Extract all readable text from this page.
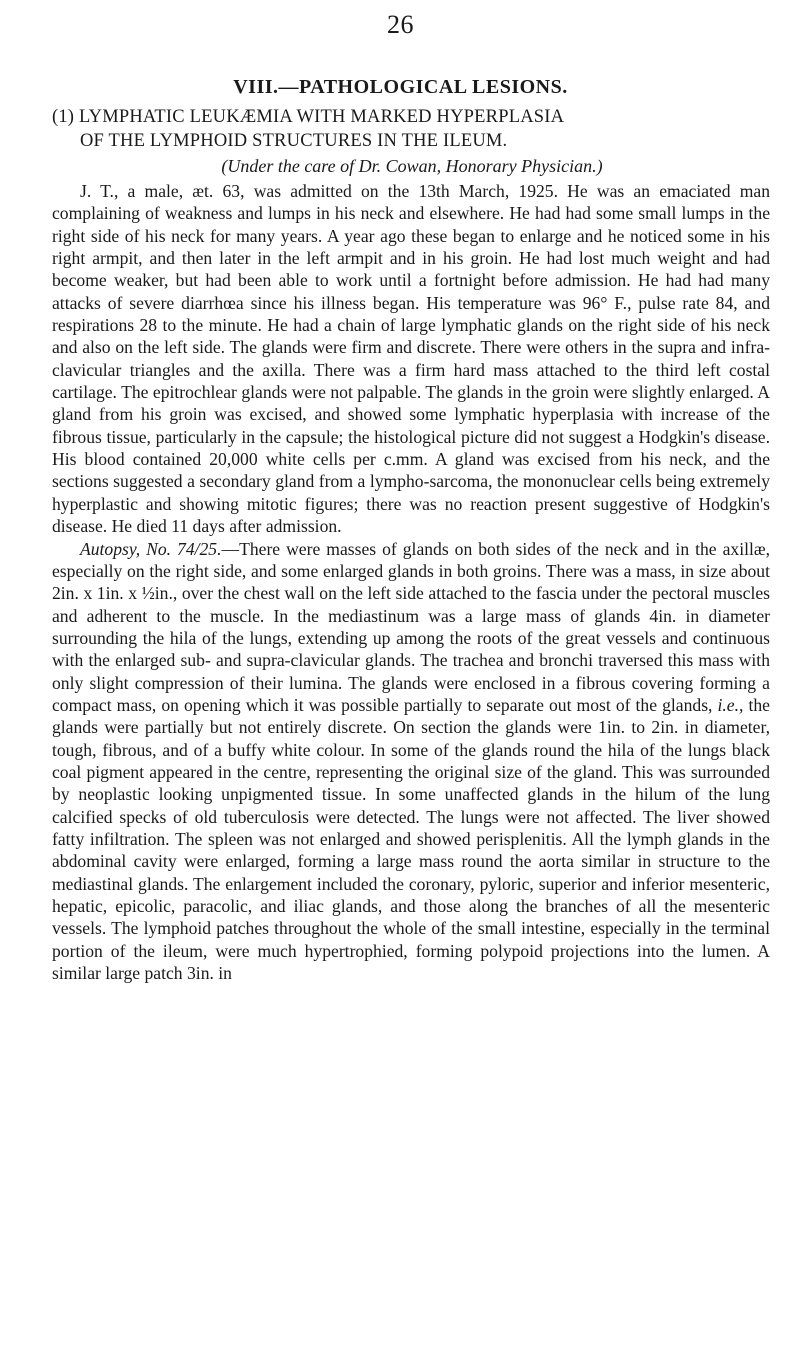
26
VIII.—PATHOLOGICAL LESIONS.
(1) LYMPHATIC LEUKÆMIA WITH MARKED HYPERPLASIA
OF THE LYMPHOID STRUCTURES IN THE ILEUM.
(Under the care of Dr. Cowan, Honorary Physician.)

J. T., a male, æt. 63, was admitted on the 13th March, 1925. He was an emaciated man complaining of weakness and lumps in his neck and elsewhere. He had had some small lumps in the right side of his neck for many years. A year ago these began to enlarge and he noticed some in his right armpit, and then later in the left armpit and in his groin. He had lost much weight and had become weaker, but had been able to work until a fortnight before admission. He had had many attacks of severe diarrhœa since his illness began. His temperature was 96° F., pulse rate 84, and respirations 28 to the minute. He had a chain of large lymphatic glands on the right side of his neck and also on the left side. The glands were firm and discrete. There were others in the supra and infra-clavicular triangles and the axilla. There was a firm hard mass attached to the third left costal cartilage. The epitrochlear glands were not palpable. The glands in the groin were slightly enlarged. A gland from his groin was excised, and showed some lymphatic hyperplasia with increase of the fibrous tissue, particularly in the capsule; the histological picture did not suggest a Hodgkin's disease. His blood contained 20,000 white cells per c.mm. A gland was excised from his neck, and the sections suggested a secondary gland from a lympho-sarcoma, the mononuclear cells being extremely hyperplastic and showing mitotic figures; there was no reaction present suggestive of Hodgkin's disease. He died 11 days after admission.

Autopsy, No. 74/25.—There were masses of glands on both sides of the neck and in the axillæ, especially on the right side, and some enlarged glands in both groins. There was a mass, in size about 2in. x 1in. x ½in., over the chest wall on the left side attached to the fascia under the pectoral muscles and adherent to the muscle. In the mediastinum was a large mass of glands 4in. in diameter surrounding the hila of the lungs, extending up among the roots of the great vessels and continuous with the enlarged sub- and supra-clavicular glands. The trachea and bronchi traversed this mass with only slight compression of their lumina. The glands were enclosed in a fibrous covering forming a compact mass, on opening which it was possible partially to separate out most of the glands, i.e., the glands were partially but not entirely discrete. On section the glands were 1in. to 2in. in diameter, tough, fibrous, and of a buffy white colour. In some of the glands round the hila of the lungs black coal pigment appeared in the centre, representing the original size of the gland. This was surrounded by neoplastic looking unpigmented tissue. In some unaffected glands in the hilum of the lung calcified specks of old tuberculosis were detected. The lungs were not affected. The liver showed fatty infiltration. The spleen was not enlarged and showed perisplenitis. All the lymph glands in the abdominal cavity were enlarged, forming a large mass round the aorta similar in structure to the mediastinal glands. The enlargement included the coronary, pyloric, superior and inferior mesenteric, hepatic, epicolic, paracolic, and iliac glands, and those along the branches of all the mesenteric vessels. The lymphoid patches throughout the whole of the small intestine, especially in the terminal portion of the ileum, were much hypertrophied, forming polypoid projections into the lumen. A similar large patch 3in. in
